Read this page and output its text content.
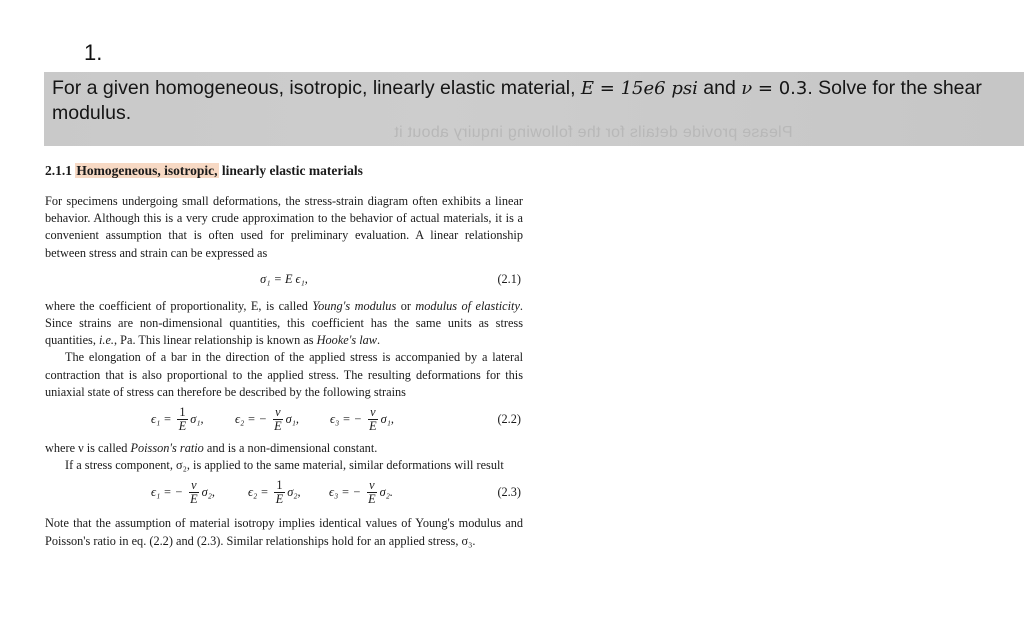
1.
For a given homogeneous, isotropic, linearly elastic material, E = 15e6 psi and ν = 0.3. Solve for the shear
modulus.
Please provide details for the following inquiry about it

2.1.1 Homogeneous, isotropic, linearly elastic materials

For specimens undergoing small deformations, the stress-strain diagram often exhibits a linear behavior. Although this is a very crude approximation to the behavior of actual materials, it is a convenient assumption that is often used for preliminary evaluation. A linear relationship between stress and strain can be expressed as

σ₁ = E ϵ₁,	(2.1)

where the coefficient of proportionality, E, is called Young's modulus or modulus of elasticity. Since strains are non-dimensional quantities, this coefficient has the same units as stress quantities, i.e., Pa. This linear relationship is known as Hooke's law.

The elongation of a bar in the direction of the applied stress is accompanied by a lateral contraction that is also proportional to the applied stress. The resulting deformations for this uniaxial state of stress can therefore be described by the following strains

ϵ₁ =
$\frac{1}{E} \sigma_1$,	ϵ₂ = −
$\frac{\nu}{E} \sigma_1$,	ϵ₃ = −
$\frac{\nu}{E} \sigma_1$,	(2.2)

where ν is called Poisson's ratio and is a non-dimensional constant.

If a stress component, σ₂, is applied to the same material, similar deformations will result

ϵ₁ = −
$\frac{\nu}{E} \sigma_2$,	ϵ₂ =
$\frac{1}{E} \sigma_2$, ϵ₃ = −
$\frac{\nu}{E} \sigma_2$.	(2.3)

Note that the assumption of material isotropy implies identical values of Young's modulus and Poisson's ratio in eq. (2.2) and (2.3). Similar relationships hold for an applied stress, σ₃.
